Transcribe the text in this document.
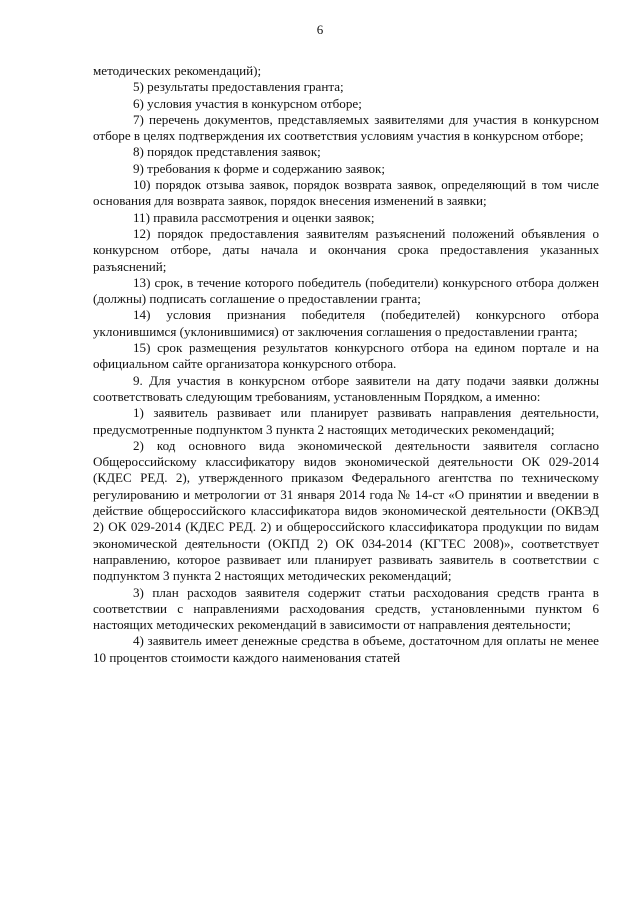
6

методических рекомендаций);

5) результаты предоставления гранта;

6) условия участия в конкурсном отборе;

7) перечень документов, представляемых заявителями для участия в конкурсном отборе в целях подтверждения их соответствия условиям участия в конкурсном отборе;

8) порядок представления заявок;

9) требования к форме и содержанию заявок;

10) порядок отзыва заявок, порядок возврата заявок, определяющий в том числе основания для возврата заявок, порядок внесения изменений в заявки;

11) правила рассмотрения и оценки заявок;

12) порядок предоставления заявителям разъяснений положений объявления о конкурсном отборе, даты начала и окончания срока предоставления указанных разъяснений;

13) срок, в течение которого победитель (победители) конкурсного отбора должен (должны) подписать соглашение о предоставлении гранта;

14) условия признания победителя (победителей) конкурсного отбора уклонившимся (уклонившимися) от заключения соглашения о предоставлении гранта;

15) срок размещения результатов конкурсного отбора на едином портале и на официальном сайте организатора конкурсного отбора.

9. Для участия в конкурсном отборе заявители на дату подачи заявки должны соответствовать следующим требованиям, установленным Порядком, а именно:

1) заявитель развивает или планирует развивать направления деятельности, предусмотренные подпунктом 3 пункта 2 настоящих методических рекомендаций;

2) код основного вида экономической деятельности заявителя согласно Общероссийскому классификатору видов экономической деятельности ОК 029-2014 (КДЕС РЕД. 2), утвержденного приказом Федерального агентства по техническому регулированию и метрологии от 31 января 2014 года № 14-ст «О принятии и введении в действие общероссийского классификатора видов экономической деятельности (ОКВЭД 2) ОК 029-2014 (КДЕС РЕД. 2) и общероссийского классификатора продукции по видам экономической деятельности (ОКПД 2) ОК 034-2014 (КГТЕС 2008)», соответствует направлению, которое развивает или планирует развивать заявитель в соответствии с подпунктом 3 пункта 2 настоящих методических рекомендаций;

3) план расходов заявителя содержит статьи расходования средств гранта в соответствии с направлениями расходования средств, установленными пунктом 6 настоящих методических рекомендаций в зависимости от направления деятельности;

4) заявитель имеет денежные средства в объеме, достаточном для оплаты не менее 10 процентов стоимости каждого наименования статей
